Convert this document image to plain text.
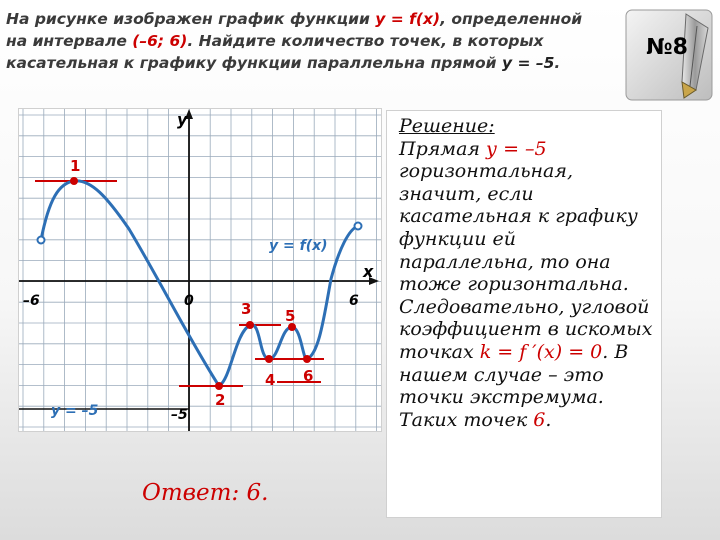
На рисунке изображен график функции y = f(x), определенной на интервале (–6; 6). Найдите количество точек, в которых касательная к графику функции параллельна прямой y = –5.
№8
y
x
0
–6	6
–5
y = f(x)
y = –5
1
2
3
4
5
6
Ответ: 6.
Решение:
Прямая у = –5 горизонтальная, значит, если касательная к графику функции ей параллельна, то она тоже горизонтальна. Следовательно, угловой коэффициент в искомых точках k = f ′(x) = 0. В нашем случае – это точки экстремума. Таких точек 6.
